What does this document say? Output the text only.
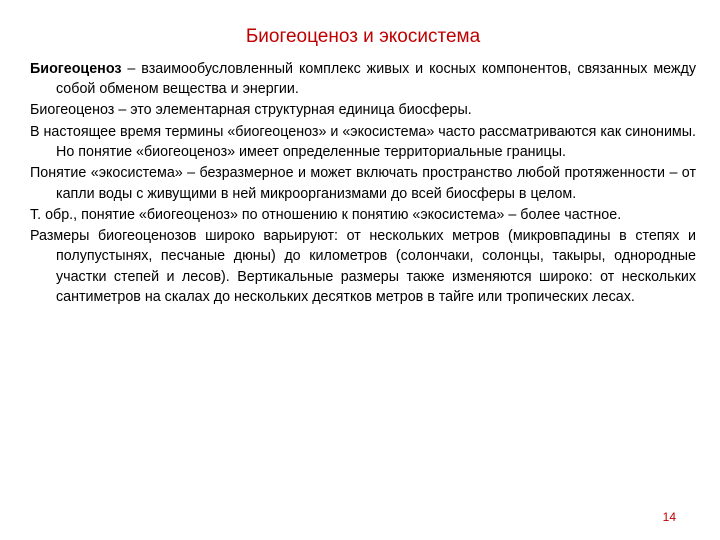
Биогеоценоз и экосистема

Биогеоценоз – взаимообусловленный комплекс живых и косных компонентов, связанных между собой обменом вещества и энергии.

Биогеоценоз – это элементарная структурная единица биосферы.

В настоящее время термины «биогеоценоз» и «экосистема» часто рассматриваются как синонимы. Но понятие «биогеоценоз» имеет определенные территориальные границы.

Понятие «экосистема» – безразмерное и может включать пространство любой протяженности – от капли воды с живущими в ней микроорганизмами до всей биосферы в целом.

Т. обр., понятие «биогеоценоз» по отношению к понятию «экосистема» – более частное.

Размеры биогеоценозов широко варьируют: от нескольких метров (микровпадины в степях и полупустынях, песчаные дюны) до километров (солончаки, солонцы, такыры, однородные участки степей и лесов). Вертикальные размеры также изменяются широко: от нескольких сантиметров на скалах до нескольких десятков метров в тайге или тропических лесах.

14
